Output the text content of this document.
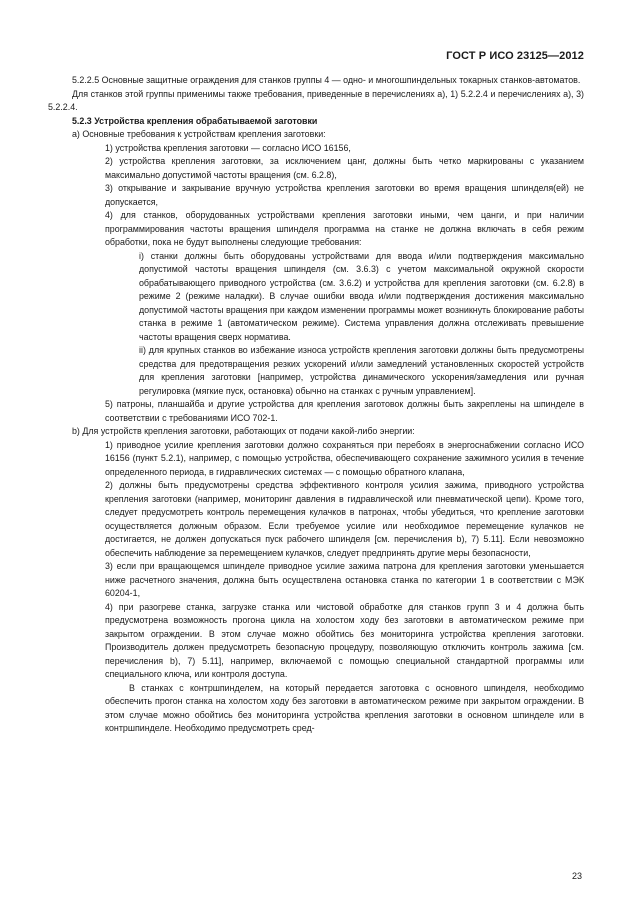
ГОСТ Р ИСО 23125—2012

5.2.2.5 Основные защитные ограждения для станков группы 4 — одно- и многошпиндельных токарных станков-автоматов.

Для станков этой группы применимы также требования, приведенные в перечислениях а), 1) 5.2.2.4 и перечислениях а), 3) 5.2.2.4.

5.2.3 Устройства крепления обрабатываемой заготовки

а) Основные требования к устройствам крепления заготовки:

1) устройства крепления заготовки — согласно ИСО 16156,

2) устройства крепления заготовки, за исключением цанг, должны быть четко маркированы с указанием максимально допустимой частоты вращения (см. 6.2.8),

3) открывание и закрывание вручную устройства крепления заготовки во время вращения шпинделя(ей) не допускается,

4) для станков, оборудованных устройствами крепления заготовки иными, чем цанги, и при наличии программирования частоты вращения шпинделя программа на станке не должна включать в себя режим обработки, пока не будут выполнены следующие требования:

i) станки должны быть оборудованы устройствами для ввода и/или подтверждения максимально допустимой частоты вращения шпинделя (см. 3.6.3) с учетом максимальной окружной скорости обрабатывающего приводного устройства (см. 3.6.2) и устройства для крепления заготовки (см. 6.2.8) в режиме 2 (режиме наладки). В случае ошибки ввода и/или подтверждения достижения максимально допустимой частоты вращения при каждом изменении программы может возникнуть блокирование работы станка в режиме 1 (автоматическом режиме). Система управления должна отслеживать превышение частоты вращения сверх норматива.

ii) для крупных станков во избежание износа устройств крепления заготовки должны быть предусмотрены средства для предотвращения резких ускорений и/или замедлений установленных скоростей устройств для крепления заготовки [например, устройства динамического ускорения/замедления или ручная регулировка (мягкие пуск, остановка) обычно на станках с ручным управлением].

5) патроны, планшайба и другие устройства для крепления заготовок должны быть закреплены на шпинделе в соответствии с требованиями ИСО 702-1.

b) Для устройств крепления заготовки, работающих от подачи какой-либо энергии:

1) приводное усилие крепления заготовки должно сохраняться при перебоях в энергоснабжении согласно ИСО 16156 (пункт 5.2.1), например, с помощью устройства, обеспечивающего сохранение зажимного усилия в течение определенного периода, в гидравлических системах — с помощью обратного клапана,

2) должны быть предусмотрены средства эффективного контроля усилия зажима, приводного устройства крепления заготовки (например, мониторинг давления в гидравлической или пневматической цепи). Кроме того, следует предусмотреть контроль перемещения кулачков в патронах, чтобы убедиться, что крепление заготовки осуществляется должным образом. Если требуемое усилие или необходимое перемещение кулачков не достигается, не должен допускаться пуск рабочего шпинделя [см. перечисления b), 7) 5.11]. Если невозможно обеспечить наблюдение за перемещением кулачков, следует предпринять другие меры безопасности,

3) если при вращающемся шпинделе приводное усилие зажима патрона для крепления заготовки уменьшается ниже расчетного значения, должна быть осуществлена остановка станка по категории 1 в соответствии с МЭК 60204-1,

4) при разогреве станка, загрузке станка или чистовой обработке для станков групп 3 и 4 должна быть предусмотрена возможность прогона цикла на холостом ходу без заготовки в автоматическом режиме при закрытом ограждении. В этом случае можно обойтись без мониторинга устройства крепления заготовки. Производитель должен предусмотреть безопасную процедуру, позволяющую отключить контроль зажима [см. перечисления b), 7) 5.11], например, включаемой с помощью специальной стандартной программы или специального ключа, или контроля доступа.

В станках с контршпинделем, на который передается заготовка с основного шпинделя, необходимо обеспечить прогон станка на холостом ходу без заготовки в автоматическом режиме при закрытом ограждении. В этом случае можно обойтись без мониторинга устройства крепления заготовки в основном шпинделе или в контршпинделе. Необходимо предусмотреть сред-

23
